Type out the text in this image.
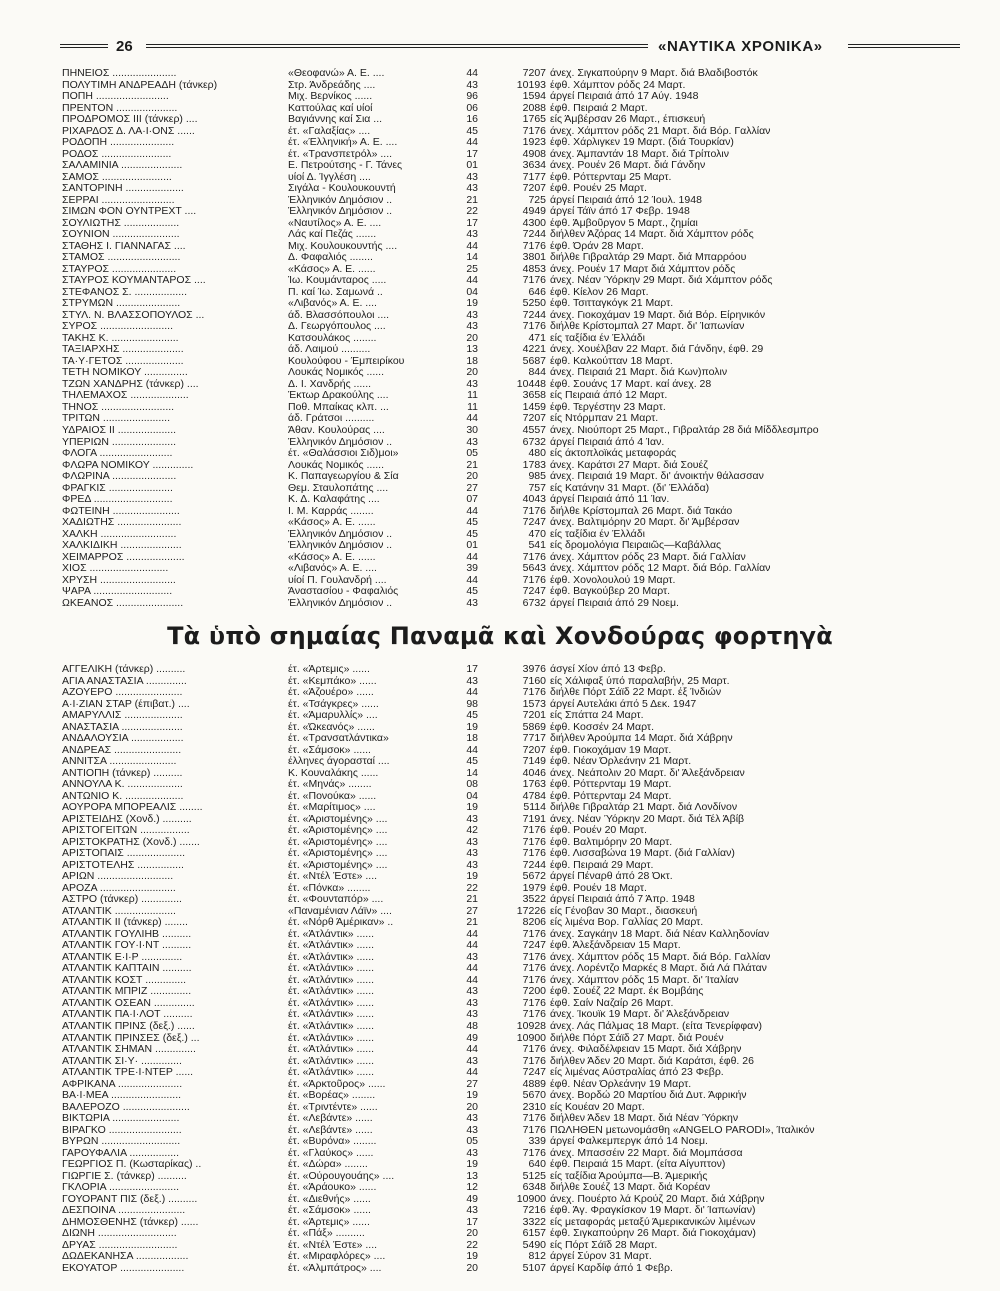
26	«ΝΑΥΤΙΚΑ ΧΡΟΝΙΚΑ»
ΠΗΝΕΙΟΣ ......................	«Θεοφανώ» Α. Ε. ....	44	7207 άνεχ. Σιγκαπούρην 9 Μαρτ. διά Βλαδιβοστόκ
ΠΟΛΥΤΙΜΗ ΑΝΔΡΕΑΔΗ (τάνκερ)	Στρ. Άνδρεάδης ....	43	10193 έφθ. Χάμπτον ρόδς 24 Μαρτ.
ΠΟΠΗ .........................	Μιχ. Βερνίκος ......	96	1594 άργεί Πειραιά άπό 17 Αύγ. 1948
ΠΡΕΝΤΟΝ .....................	Καττούλας καί υίοί	06	2088 έφθ. Πειραιά 2 Μαρτ.
ΠΡΟΔΡΟΜΟΣ ΙΙΙ (τάνκερ) ....	Βαγιάννης καί Σια ...	16	1765 είς Άμβέρσαν 26 Μαρτ., έπισκευή
ΡΙΧΑΡΔΟΣ Δ. ΛΑ·Ι·ΟΝΣ ......	έτ. «Γαλαξίας» ....	45	7176 άνεχ. Χάμπτον ρόδς 21 Μαρτ. διά Βόρ. Γαλλίαν
ΡΟΔΟΠΗ ......................	έτ. «Έλληνική» Α. Ε. ....	44	1923 έφθ. Χάρλιγκεν 19 Μαρτ. (διά Τουρκίαν)
ΡΟΔΟΣ ........................	έτ. «Τρανσπετρόλ» ....	17	4908 άνεχ. Άμπαντάν 18 Μαρτ. διά Τρίπολιν
ΣΑΛΑΜΙΝΙΑ .....................	Ε. Πετρούτσης - Γ. Τάνες	01	3634 άνεχ. Ρουέν 26 Μαρτ. διά Γάνδην
ΣΑΜΟΣ ........................	υίοί Δ. Ίγγλέση ....	43	7177 έφθ. Ρόττερνταμ 25 Μαρτ.
ΣΑΝΤΟΡΙΝΗ ....................	Σιγάλα - Κουλουκουντή	43	7207 έφθ. Ρουέν 25 Μαρτ.
ΣΕΡΡΑΙ .........................	Έλληνικόν Δημόσιον ..	21	725 άργεί Πειραιά άπό 12 Ίουλ. 1948
ΣΙΜΩΝ ΦΟΝ ΟΥΝΤΡΕΧΤ ....	Έλληνικόν Δημόσιον ..	22	4949 άργεί Τάϊν άπό 17 Φεβρ. 1948
ΣΟΥΛΙΩΤΗΣ ...................	«Ναυτίλος» Α. Ε. ....	17	4300 έφθ. Άμβοῦργον 5 Μαρτ., ζημίαι
ΣΟΥΝΙΟΝ .......................	Λάς καί Πεζάς .......	43	7244 διήλθεν Άζόρας 14 Μαρτ. διά Χάμπτον ρόδς
ΣΤΑΘΗΣ Ι. ΓΙΑΝΝΑΓΑΣ ....	Μιχ. Κουλουκουντής ....	44	7176 έφθ. Όράν 28 Μαρτ.
ΣΤΑΜΟΣ .........................	Δ. Φαφαλιός ........	14	3801 διήλθε Γιβραλτάρ 29 Μαρτ. διά Μπαρρόου
ΣΤΑΥΡΟΣ ......................	«Κάσος» Α. Ε. ......	25	4853 άνεχ. Ρουέν 17 Μαρτ διά Χάμπτον ρόδς
ΣΤΑΥΡΟΣ ΚΟΥΜΑΝΤΑΡΟΣ ....	Ίω. Κουμάνταρος .....	44	7176 άνεχ. Νέαν Ύόρκην 29 Μαρτ. διά Χάμπτον ρόδς
ΣΤΕΦΑΝΟΣ Σ. ..................	Π. καί Ίω. Σαμωνά ..	04	646 έφθ. Κίελον 26 Μαρτ.
ΣΤΡΥΜΩΝ ......................	«Λιβανός» Α. Ε. ....	19	5250 έφθ. Τσιτταγκόγκ 21 Μαρτ.
ΣΤΥΛ. Ν. ΒΛΑΣΣΟΠΟΥΛΟΣ ...	άδ. Βλασσόπουλοι ....	43	7244 άνεχ. Γιοκοχάμαν 19 Μαρτ. διά Βόρ. Είρηνικόν
ΣΥΡΟΣ .........................	Δ. Γεωργόπουλος ....	43	7176 διήλθε Κρίστομπαλ 27 Μαρτ. δι' Ίαπωνίαν
ΤΑΚΗΣ Κ. .......................	Κατσουλάκος ........	20	471 είς ταξίδια έν Έλλάδι
ΤΑΞΙΑΡΧΗΣ .....................	άδ. Λαιμού ..........	13	4221 άνεχ. Χουέλβαν 22 Μαρτ. διά Γάνδην, έφθ. 29
ΤΑ·Υ·ΓΕΤΟΣ ....................	Κουλούφου - Έμπειρίκου	18	5687 έφθ. Καλκούτταν 18 Μαρτ.
ΤΕΤΗ ΝΟΜΙΚΟΥ ...............	Λουκάς Νομικός ......	20	844 άνεχ. Πειραιά 21 Μαρτ. διά Κων)πολιν
ΤΖΩΝ ΧΑΝΔΡΗΣ (τάνκερ) ....	Δ. Ι. Χανδρής ......	43	10448 έφθ. Σουάνς 17 Μαρτ. καί άνεχ. 28
ΤΗΛΕΜΑΧΟΣ ....................	Έκτωρ Δρακούλης ....	11	3658 είς Πειραιά άπό 12 Μαρτ.
ΤΗΝΟΣ .........................	Ποθ. Μπαίκας κλπ. ...	11	1459 έφθ. Τεργέστην 23 Μαρτ.
ΤΡΙΤΩΝ .......................	άδ. Γράτσοι ..........	44	7207 είς Ντόρμπαν 21 Μαρτ.
ΥΔΡΑΙΟΣ ΙΙ ....................	Άθαν. Κουλούρας ....	30	4557 άνεχ. Νιούπορτ 25 Μαρτ., Γιβραλτάρ 28 διά Μίδδλεσμπρο
ΥΠΕΡΙΩΝ ......................	Έλληνικόν Δημόσιον ..	43	6732 άργεί Πειραιά άπό 4 Ίαν.
ΦΛΟΓΑ .........................	έτ. «Θαλάσσιοι Σιδ)μοι»	05	480 είς άκτοπλοϊκάς μεταφοράς
ΦΛΩΡΑ ΝΟΜΙΚΟΥ ..............	Λουκάς Νομικός ......	21	1783 άνεχ. Καράτσι 27 Μαρτ. διά Σουέζ
ΦΛΩΡΙΝΑ ......................	Κ. Παπαγεωργίου & Σία	20	985 άνεχ. Πειραιά 19 Μαρτ. δι' άνοικτήν θάλασσαν
ΦΡΑΓΚΙΣ ......................	Θεμ. Σταυλοπάτης ....	27	757 είς Κατάνην 31 Μαρτ. (δι' Έλλάδα)
ΦΡΕΔ ...........................	Κ. Δ. Καλαφάτης ....	07	4043 άργεί Πειραιά άπό 11 Ίαν.
ΦΩΤΕΙΝΗ .......................	Ι. Μ. Καρράς ........	44	7176 διήλθε Κρίστομπαλ 26 Μαρτ. διά Τακάο
ΧΑΔΙΩΤΗΣ ......................	«Κάσος» Α. Ε. ......	45	7247 άνεχ. Βαλτιμόρην 20 Μαρτ. δι' Άμβέρσαν
ΧΑΛΚΗ ..........................	Έλληνικόν Δημόσιον ..	45	470 είς ταξίδια έν Έλλάδι
ΧΑΛΚΙΔΙΚΗ .....................	Έλληνικόν Δημόσιον ..	01	541 είς δρομολόγια Πειραιῶς—Καβάλλας
ΧΕΙΜΑΡΡΟΣ ....................	«Κάσος» Α. Ε. ......	44	7176 άνεχ. Χάμπτον ρόδς 23 Μαρτ. διά Γαλλίαν
ΧΙΟΣ ...........................	«Λιβανός» Α. Ε. ....	39	5643 άνεχ. Χάμπτον ρόδς 12 Μαρτ. διά Βόρ. Γαλλίαν
ΧΡΥΣΗ ..........................	υίοί Π. Γουλανδρή ....	44	7176 έφθ. Χονολουλού 19 Μαρτ.
ΨΑΡΑ ...........................	Άναστασίου - Φαφαλιός	45	7247 έφθ. Βαγκούβερ 20 Μαρτ.
ΩΚΕΑΝΟΣ .......................	Έλληνικόν Δημόσιον ..	43	6732 άργεί Πειραιά άπό 29 Νοεμ.
Τὰ ὑπὸ σημαίας Παναμᾶ καὶ Χονδούρας φορτηγὰ
ΑΓΓΕΛΙΚΗ (τάνκερ) ..........	έτ. «Άρτεμις» ......	17	3976 άσγεί Χίον άπό 13 Φεβρ.
ΑΓΙΑ ΑΝΑΣΤΑΣΙΑ ..............	έτ. «Κεμπάκο» ......	43	7160 είς Χάλιφαξ ύπό παραλαβήν, 25 Μαρτ.
ΑΖΟΥΕΡΟ .......................	έτ. «Άζουέρο» ......	44	7176 διήλθε Πόρτ Σάϊδ 22 Μαρτ. έξ Ίνδιών
Α·Ι·ΖΙΑΝ ΣΤΑΡ (έπιβατ.) ....	έτ. «Τσάγκρες» ......	98	1573 άργεί Αυτελάκι άπό 5 Δεκ. 1947
ΑΜΑΡΥΛΛΙΣ ....................	έτ. «Άμαρυλλίς» ....	45	7201 είς Σπάττα 24 Μαρτ.
ΑΝΑΣΤΑΣΙΑ .....................	έτ. «Ώκεανός» ......	19	5869 έφθ. Κοσσέν 24 Μαρτ.
ΑΝΔΑΛΟΥΣΙΑ ..................	έτ. «Τρανσατλάντικα»	18	7717 διήλθεν Άρούμπα 14 Μαρτ. διά Χάβρην
ΑΝΔΡΕΑΣ .......................	έτ. «Σάμσοκ» ......	44	7207 έφθ. Γιοκοχάμαν 19 Μαρτ.
ΑΝΝΙΤΣΑ .......................	έλληνες άγορασταί ....	45	7149 έφθ. Νέαν Όρλεάνην 21 Μαρτ.
ΑΝΤΙΟΠΗ (τάνκερ) ..........	Κ. Κουναλάκης ......	14	4046 άνεχ. Νεάπολιν 20 Μαρτ. δι' Άλεξάνδρειαν
ΑΝΝΟΥΛΑ Κ. ...................	έτ. «Μηνάς» ........	08	1763 έφθ. Ρόττερνταμ 19 Μαρτ.
ΑΝΤΩΝΙΟ Κ. ....................	έτ. «Πονούκα» ......	04	4784 έφθ. Ρόττερνταμ 24 Μαρτ.
ΑΟΥΡΟΡΑ ΜΠΟΡΕΑΛΙΣ ........	έτ. «Μαρίτιμος» ....	19	5114 διήλθε Γιβραλτάρ 21 Μαρτ. διά Λονδίνον
ΑΡΙΣΤΕΙΔΗΣ (Χονδ.) ..........	έτ. «Άριστομένης» ....	43	7191 άνεχ. Νέαν Ύόρκην 20 Μαρτ. διά Τέλ Άβίβ
ΑΡΙΣΤΟΓΕΙΤΩΝ .................	έτ. «Άριστομένης» ....	42	7176 έφθ. Ρουέν 20 Μαρτ.
ΑΡΙΣΤΟΚΡΑΤΗΣ (Χονδ.) .......	έτ. «Άριστομένης» ....	43	7176 έφθ. Βαλτιμόρην 20 Μαρτ.
ΑΡΙΣΤΟΠΑΙΣ ....................	έτ. «Άριστομένης» ....	43	7176 έφθ. Λισσαβώνα 19 Μαρτ. (διά Γαλλίαν)
ΑΡΙΣΤΟΤΕΛΗΣ ................	έτ. «Άριστομένης» ....	43	7244 έφθ. Πειραιά 29 Μαρτ.
ΑΡΙΩΝ ..........................	έτ. «Ντέλ Έστε» ....	19	5672 άργεί Πέναρθ άπό 28 Όκτ.
ΑΡΟΖΑ ..........................	έτ. «Πόνκα» ........	22	1979 έφθ. Ρουέν 18 Μαρτ.
ΑΣΤΡΟ (τάνκερ) ..............	έτ. «Φουνταπόρ» ....	21	3522 άργεί Πειραιά άπό 7 Άπρ. 1948
ΑΤΛΑΝΤΙΚ .....................	«Παναμένιαν Λάϊν» ....	27	17226 είς Γένοβαν 30 Μαρτ., διασκευή
ΑΤΛΑΝΤΙΚ ΙΙ (τάνκερ) ........	έτ. «Νόρθ Άμέρικαν» ..	21	8206 είς λιμένα Βορ. Γαλλίας 20 Μαρτ.
ΑΤΛΑΝΤΙΚ ΓΟΥΛΙΗΒ ..........	έτ. «Άτλάντικ» ......	44	7176 άνεχ. Σαγκάην 18 Μαρτ. διά Νέαν Καλληδονίαν
ΑΤΛΑΝΤΙΚ ΓΟΥ·Ι·ΝΤ ..........	έτ. «Άτλάντικ» ......	44	7247 έφθ. Άλεξάνδρειαν 15 Μαρτ.
ΑΤΛΑΝΤΙΚ Ε·Ι·Ρ ..............	έτ. «Άτλάντικ» ......	43	7176 άνεχ. Χάμπτον ρόδς 15 Μαρτ. διά Βόρ. Γαλλίαν
ΑΤΛΑΝΤΙΚ ΚΑΠΤΑΙΝ ..........	έτ. «Άτλάντικ» ......	44	7176 άνεχ. Λορέντζο Μαρκές 8 Μαρτ. διά Λά Πλάταν
ΑΤΛΑΝΤΙΚ ΚΟΣΤ ..............	έτ. «Άτλάντικ» ......	44	7176 άνεχ. Χάμπτον ρόδς 15 Μαρτ. δι' Ίταλίαν
ΑΤΛΑΝΤΙΚ ΜΠΡΙΖ ..............	έτ. «Άτλάντικ» ......	43	7200 έφθ. Σουέζ 22 Μαρτ. έκ Βομβάης
ΑΤΛΑΝΤΙΚ ΟΣΕΑΝ ..............	έτ. «Άτλάντικ» ......	43	7176 έφθ. Σαίν Ναζαίρ 26 Μαρτ.
ΑΤΛΑΝΤΙΚ ΠΑ·Ι·ΛΟΤ ..........	έτ. «Άτλάντικ» ......	43	7176 άνεχ. Ίκουϊκ 19 Μαρτ. δι' Άλεξάνδρειαν
ΑΤΛΑΝΤΙΚ ΠΡΙΝΣ (δεξ.) ......	έτ. «Άτλάντικ» ......	48	10928 άνεχ. Λάς Πάλμας 18 Μαρτ. (είτα Τενερίφφαν)
ΑΤΛΑΝΤΙΚ ΠΡΙΝΣΕΣ (δεξ.) ...	έτ. «Άτλάντικ» ......	49	10900 διήλθε Πόρτ Σάϊδ 27 Μαρτ. διά Ρουέν
ΑΤΛΑΝΤΙΚ ΣΗΜΑΝ ..............	έτ. «Άτλάντικ» ......	44	7176 άνεχ. Φιλαδέλφειαν 15 Μαρτ. διά Χάβρην
ΑΤΛΑΝΤΙΚ ΣΙ·Υ· ..............	έτ. «Άτλάντικ» ......	43	7176 διήλθεν Άδεν 20 Μαρτ. διά Καράτσι, έφθ. 26
ΑΤΛΑΝΤΙΚ ΤΡΕ·Ι·ΝΤΕΡ ......	έτ. «Άτλάντικ» ......	44	7247 είς λιμένας Αύστραλίας άπό 23 Φεβρ.
ΑΦΡΙΚΑΝΑ ......................	έτ. «Άρκτοῦρος» ......	27	4889 έφθ. Νέαν Όρλεάνην 19 Μαρτ.
ΒΑ·Ι·ΜΕΑ ........................	έτ. «Βορέας» ........	19	5670 άνεχ. Βορδώ 20 Μαρτίου διά Δυτ. Άφρικήν
ΒΑΛΕΡΟΖΟ .......................	έτ. «Τριντέντε» ......	20	2310 είς Κουέαν 20 Μαρτ.
ΒΙΚΤΩΡΙΑ .......................	έτ. «Λεβάντε» ......	43	7176 διήλθεν Άδεν 18 Μαρτ. διά Νέαν Ύόρκην
ΒΙΡΑΓΚΟ .........................	έτ. «Λεβάντε» ......	43	7176 ΠΩΛΗΘΕΝ μετωνομάσθη «ANGELO PARODI», Ίταλικόν
ΒΥΡΩΝ ...........................	έτ. «Βυρόνα» ........	05	339 άργεί Φαλκεμπεργκ άπό 14 Νοεμ.
ΓΑΡΟΥΦΑΛΙΑ .................	έτ. «Γλαύκος» ......	43	7176 άνεχ. Μπασσέιν 22 Μαρτ. διά Μομπάσσα
ΓΕΩΡΓΙΟΣ Π. (Κωσταρίκας) ..	έτ. «Δώρα» ........	19	640 έφθ. Πειραιά 15 Μαρτ. (είτα Αίγυπτον)
ΓΙΩΡΓΙΕ Σ. (τάνκερ) ..........	έτ. «Ούρουγουάης» ....	13	5125 είς ταξίδια Άρούμπα—Β. Άμερικής
ΓΚΛΟΡΙΑ ........................	έτ. «Άράουκο» ......	12	6348 διήλθε Σουέζ 13 Μαρτ. διά Κορέαν
ΓΟΥΟΡΑΝΤ ΠΙΣ (δεξ.) ..........	έτ. «Διεθνής» ......	49	10900 άνεχ. Πουέρτο λά Κρούζ 20 Μαρτ. διά Χάβρην
ΔΕΣΠΟΙΝΑ .......................	έτ. «Σάμσοκ» ......	43	7216 έφθ. Άγ. Φραγκίσκον 19 Μαρτ. δι' Ίαπωνίαν)
ΔΗΜΟΣΘΕΝΗΣ (τάνκερ) ......	έτ. «Άρτεμις» ......	17	3322 είς μεταφοράς μεταξύ Άμερικανικών λιμένων
ΔΙΩΝΗ ...........................	έτ. «Πάξ» ..........	20	6157 έφθ. Σιγκαπούρην 26 Μαρτ. διά Γιοκοχάμαν)
ΔΡΥΑΣ ...........................	έτ. «Ντέλ Έστε» ....	22	5490 είς Πόρτ Σάϊδ 28 Μαρτ.
ΔΩΔΕΚΑΝΗΣΑ ..................	έτ. «Μιραφλόρες» ....	19	812 άργεί Σύρον 31 Μαρτ.
ΕΚΟΥΑΤΟΡ ......................	έτ. «Άλμπάτρος» ....	20	5107 άργεί Καρδίφ άπό 1 Φεβρ.
